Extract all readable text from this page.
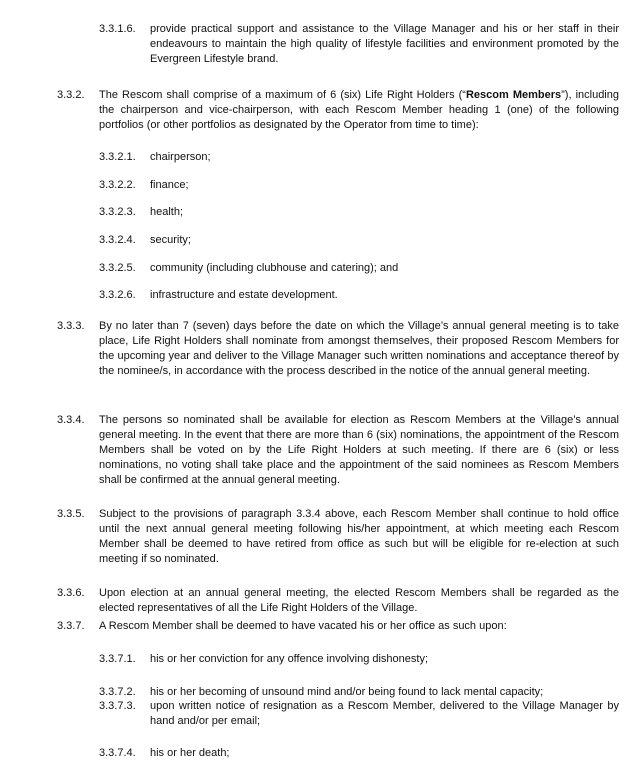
3.3.1.6.	provide practical support and assistance to the Village Manager and his or her staff in their endeavours to maintain the high quality of lifestyle facilities and environment promoted by the Evergreen Lifestyle brand.
3.3.2.	The Rescom shall comprise of a maximum of 6 (six) Life Right Holders (“Rescom Members”), including the chairperson and vice-chairperson, with each Rescom Member heading 1 (one) of the following portfolios (or other portfolios as designated by the Operator from time to time):
3.3.2.1.	chairperson;
3.3.2.2.	finance;
3.3.2.3.	health;
3.3.2.4.	security;
3.3.2.5.	community (including clubhouse and catering); and
3.3.2.6.	infrastructure and estate development.
3.3.3.	By no later than 7 (seven) days before the date on which the Village’s annual general meeting is to take place, Life Right Holders shall nominate from amongst themselves, their proposed Rescom Members for the upcoming year and deliver to the Village Manager such written nominations and acceptance thereof by the nominee/s, in accordance with the process described in the notice of the annual general meeting.
3.3.4.	The persons so nominated shall be available for election as Rescom Members at the Village’s annual general meeting. In the event that there are more than 6 (six) nominations, the appointment of the Rescom Members shall be voted on by the Life Right Holders at such meeting. If there are 6 (six) or less nominations, no voting shall take place and the appointment of the said nominees as Rescom Members shall be confirmed at the annual general meeting.
3.3.5.	Subject to the provisions of paragraph 3.3.4 above, each Rescom Member shall continue to hold office until the next annual general meeting following his/her appointment, at which meeting each Rescom Member shall be deemed to have retired from office as such but will be eligible for re-election at such meeting if so nominated.
3.3.6.	Upon election at an annual general meeting, the elected Rescom Members shall be regarded as the elected representatives of all the Life Right Holders of the Village.
3.3.7.	A Rescom Member shall be deemed to have vacated his or her office as such upon:
3.3.7.1.	his or her conviction for any offence involving dishonesty;
3.3.7.2.	his or her becoming of unsound mind and/or being found to lack mental capacity;
3.3.7.3.	upon written notice of resignation as a Rescom Member, delivered to the Village Manager by hand and/or per email;
3.3.7.4.	his or her death;
